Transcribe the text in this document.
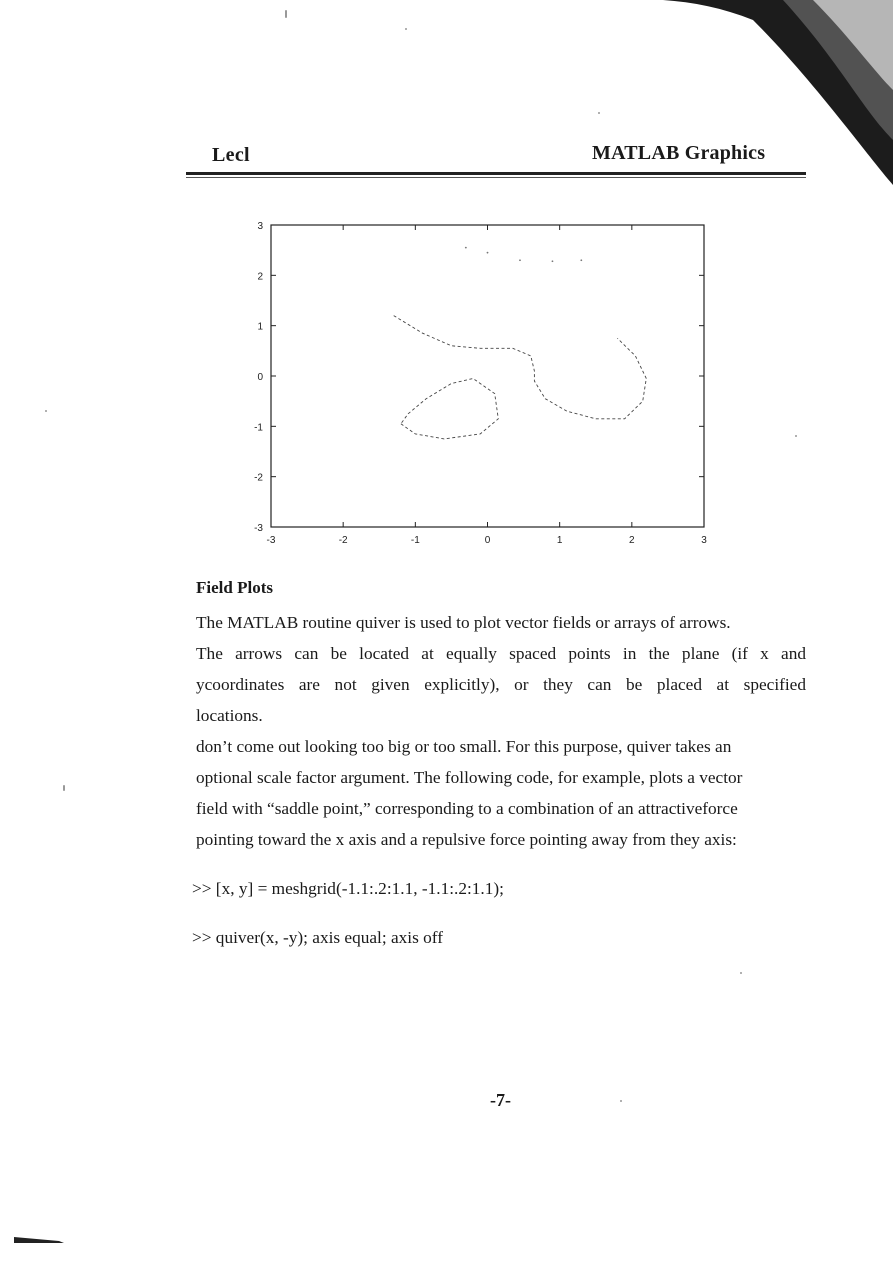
Lecl	MATLAB Graphics
-3	-2	-1	0	1	2	3
3
2
1
0
-1
-2
-3
Field Plots
The MATLAB routine quiver is used to plot vector fields or arrays of arrows.
The arrows can be located at equally spaced points in the plane (if x and
ycoordinates are not given explicitly), or they can be placed at specified
locations.
don’t come out looking too big or too small. For this purpose, quiver takes an
optional scale factor argument. The following code, for example, plots a vector
field with “saddle point,” corresponding to a combination of an attractiveforce
pointing toward the x axis and a repulsive force pointing away from they axis:
>> [x, y] = meshgrid(-1.1:.2:1.1, -1.1:.2:1.1);
>> quiver(x, -y); axis equal; axis off
-7-
